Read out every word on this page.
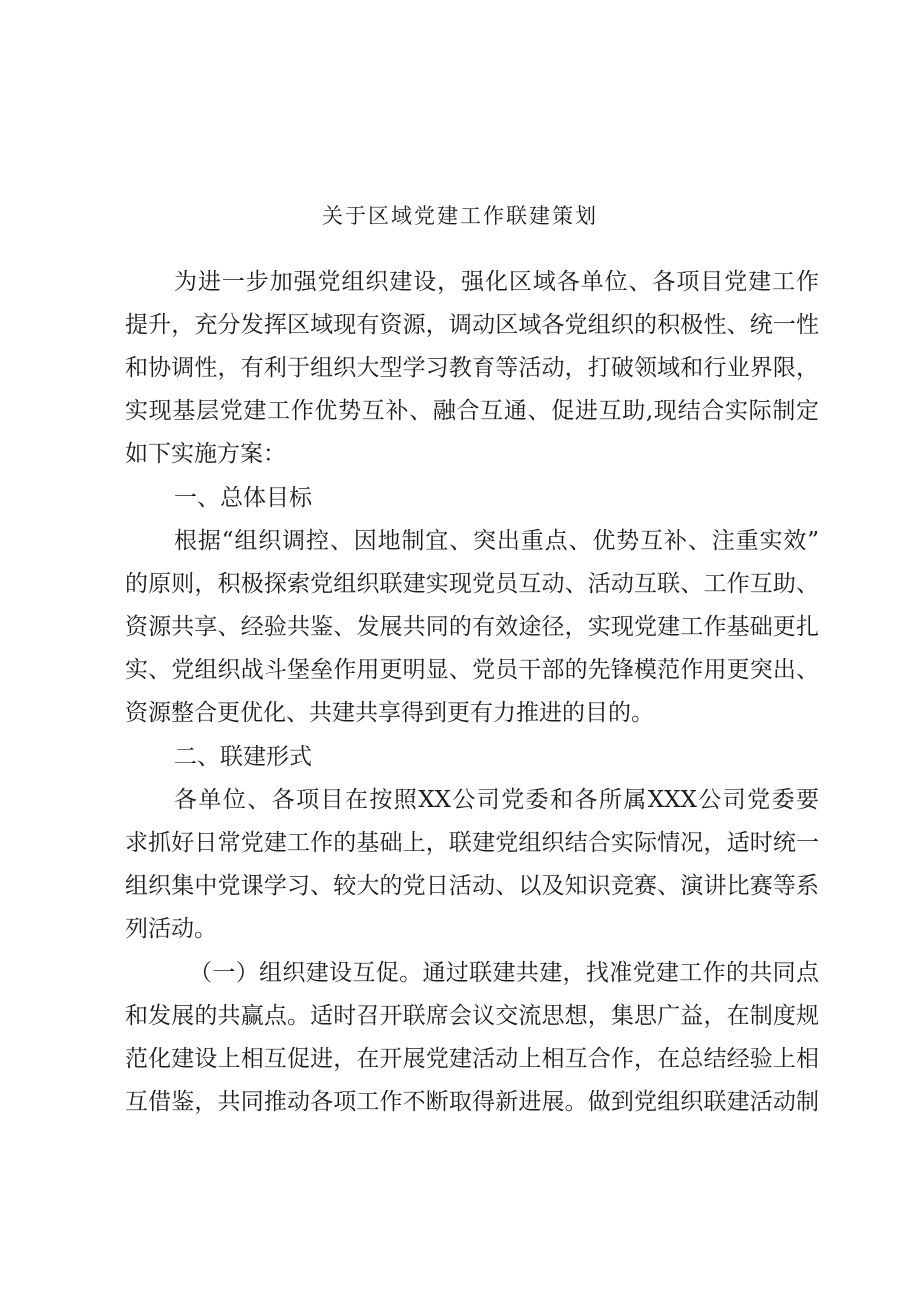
关于区域党建工作联建策划
为进一步加强党组织建设，强化区域各单位、各项目党建工作
提升，充分发挥区域现有资源，调动区域各党组织的积极性、统一性
和协调性，有利于组织大型学习教育等活动，打破领域和行业界限，
实现基层党建工作优势互补、融合互通、促进互助,现结合实际制定
如下实施方案：
一、总体目标
根据“组织调控、因地制宜、突出重点、优势互补、注重实效”
的原则，积极探索党组织联建实现党员互动、活动互联、工作互助、
资源共享、经验共鉴、发展共同的有效途径，实现党建工作基础更扎
实、党组织战斗堡垒作用更明显、党员干部的先锋模范作用更突出、
资源整合更优化、共建共享得到更有力推进的目的。
二、联建形式
各单位、各项目在按照XX公司党委和各所属XXX公司党委要
求抓好日常党建工作的基础上，联建党组织结合实际情况，适时统一
组织集中党课学习、较大的党日活动、以及知识竞赛、演讲比赛等系
列活动。
（一）组织建设互促。通过联建共建，找准党建工作的共同点
和发展的共赢点。适时召开联席会议交流思想，集思广益，在制度规
范化建设上相互促进，在开展党建活动上相互合作，在总结经验上相
互借鉴，共同推动各项工作不断取得新进展。做到党组织联建活动制
